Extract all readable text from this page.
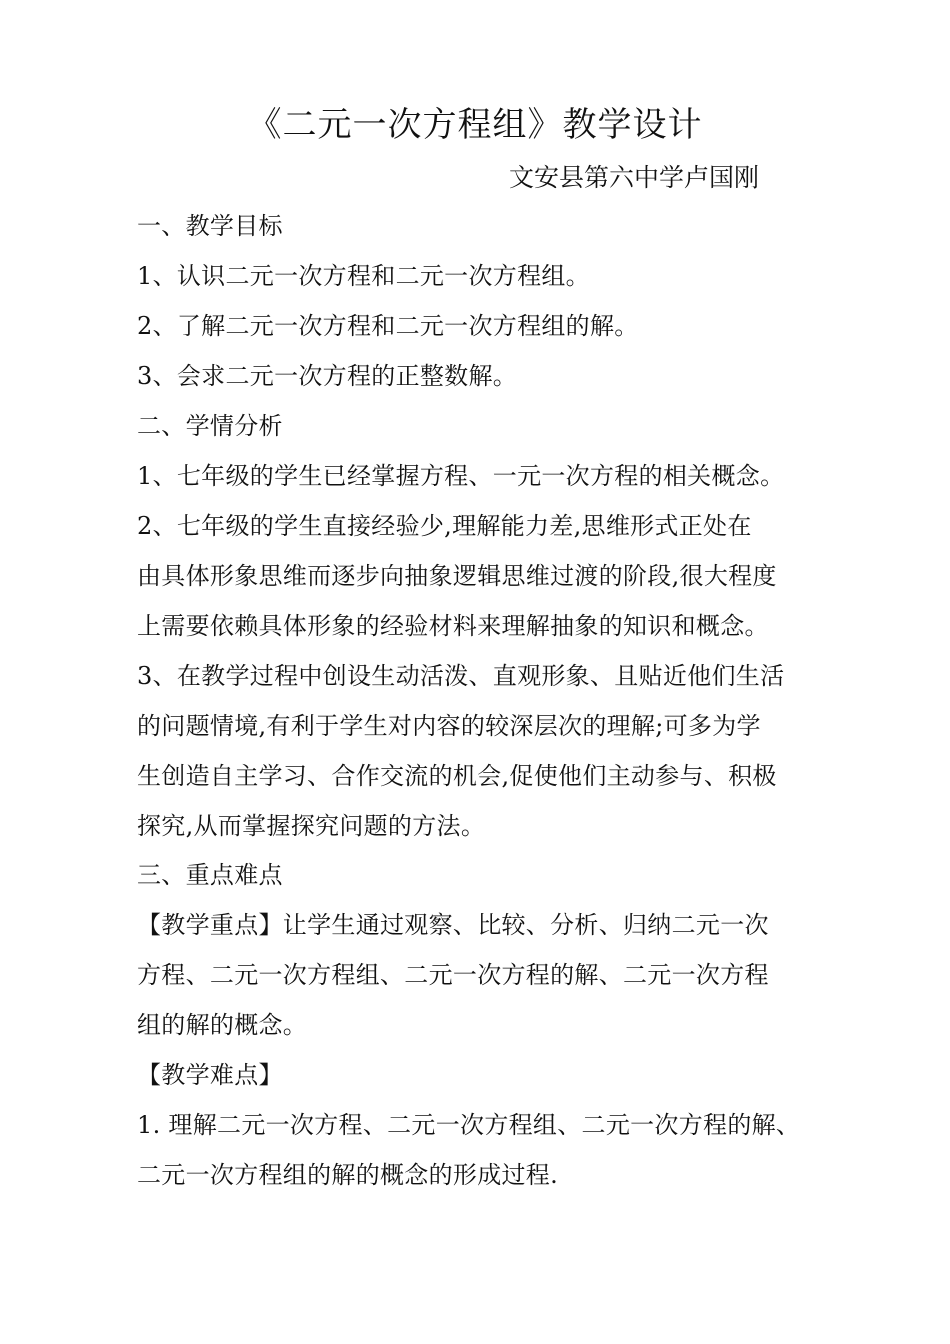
《二元一次方程组》教学设计
文安县第六中学卢国刚
一、教学目标
1、认识二元一次方程和二元一次方程组。
2、了解二元一次方程和二元一次方程组的解。
3、会求二元一次方程的正整数解。
二、学情分析
1、七年级的学生已经掌握方程、一元一次方程的相关概念。
2、七年级的学生直接经验少,理解能力差,思维形式正处在
由具体形象思维而逐步向抽象逻辑思维过渡的阶段,很大程度
上需要依赖具体形象的经验材料来理解抽象的知识和概念。
3、在教学过程中创设生动活泼、直观形象、且贴近他们生活
的问题情境,有利于学生对内容的较深层次的理解;可多为学
生创造自主学习、合作交流的机会,促使他们主动参与、积极
探究,从而掌握探究问题的方法。
三、重点难点
【教学重点】让学生通过观察、比较、分析、归纳二元一次
方程、二元一次方程组、二元一次方程的解、二元一次方程
组的解的概念。
【教学难点】
1. 理解二元一次方程、二元一次方程组、二元一次方程的解、
二元一次方程组的解的概念的形成过程.
